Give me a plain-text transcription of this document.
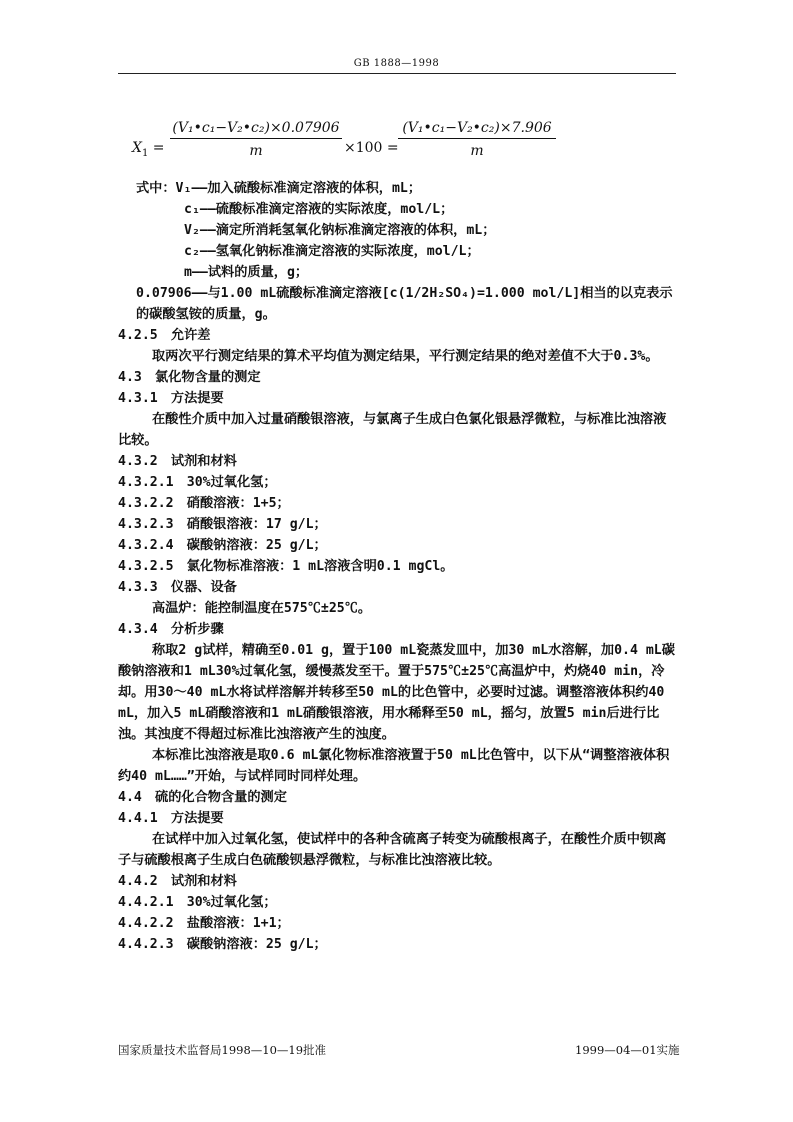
GB 1888—1998
$X_1 = \frac{\text{(V₁•c₁−V₂•c₂)×0.07906}}{m} \times 100 = \frac{\text{(V₁•c₁−V₂•c₂)×7.906}}{m}$

式中：V₁——加入硫酸标准滴定溶液的体积，mL；

c₁——硫酸标准滴定溶液的实际浓度，mol/L；

V₂——滴定所消耗氢氧化钠标准滴定溶液的体积，mL；

c₂——氢氧化钠标准滴定溶液的实际浓度，mol/L；

m——试料的质量，g；

0.07906——与1.00 mL硫酸标准滴定溶液[c(1/2H₂SO₄)=1.000 mol/L]相当的以克表示的碳酸氢铵的质量，g。

4.2.5　允许差

取两次平行测定结果的算术平均值为测定结果，平行测定结果的绝对差值不大于0.3%。

4.3　氯化物含量的测定

4.3.1　方法提要

在酸性介质中加入过量硝酸银溶液，与氯离子生成白色氯化银悬浮微粒，与标准比浊溶液比较。

4.3.2　试剂和材料

4.3.2.1　30%过氧化氢；

4.3.2.2　硝酸溶液：1+5；

4.3.2.3　硝酸银溶液：17 g/L；

4.3.2.4　碳酸钠溶液：25 g/L；

4.3.2.5　氯化物标准溶液：1 mL溶液含明0.1 mgCl。

4.3.3　仪器、设备

高温炉：能控制温度在575℃±25℃。

4.3.4　分析步骤

称取2 g试样，精确至0.01 g，置于100 mL瓷蒸发皿中，加30 mL水溶解，加0.4 mL碳酸钠溶液和1 mL30%过氧化氢，缓慢蒸发至干。置于575℃±25℃高温炉中，灼烧40 min，冷却。用30～40 mL水将试样溶解并转移至50 mL的比色管中，必要时过滤。调整溶液体积约40 mL，加入5 mL硝酸溶液和1 mL硝酸银溶液，用水稀释至50 mL，摇匀，放置5 min后进行比浊。其浊度不得超过标准比浊溶液产生的浊度。

本标准比浊溶液是取0.6 mL氯化物标准溶液置于50 mL比色管中，以下从“调整溶液体积约40 mL……”开始，与试样同时同样处理。

4.4　硫的化合物含量的测定

4.4.1　方法提要

在试样中加入过氧化氢，使试样中的各种含硫离子转变为硫酸根离子，在酸性介质中钡离子与硫酸根离子生成白色硫酸钡悬浮微粒，与标准比浊溶液比较。

4.4.2　试剂和材料

4.4.2.1　30%过氧化氢；

4.4.2.2　盐酸溶液：1+1；

4.4.2.3　碳酸钠溶液：25 g/L；

国家质量技术监督局1998—10—19批准	1999—04—01实施
